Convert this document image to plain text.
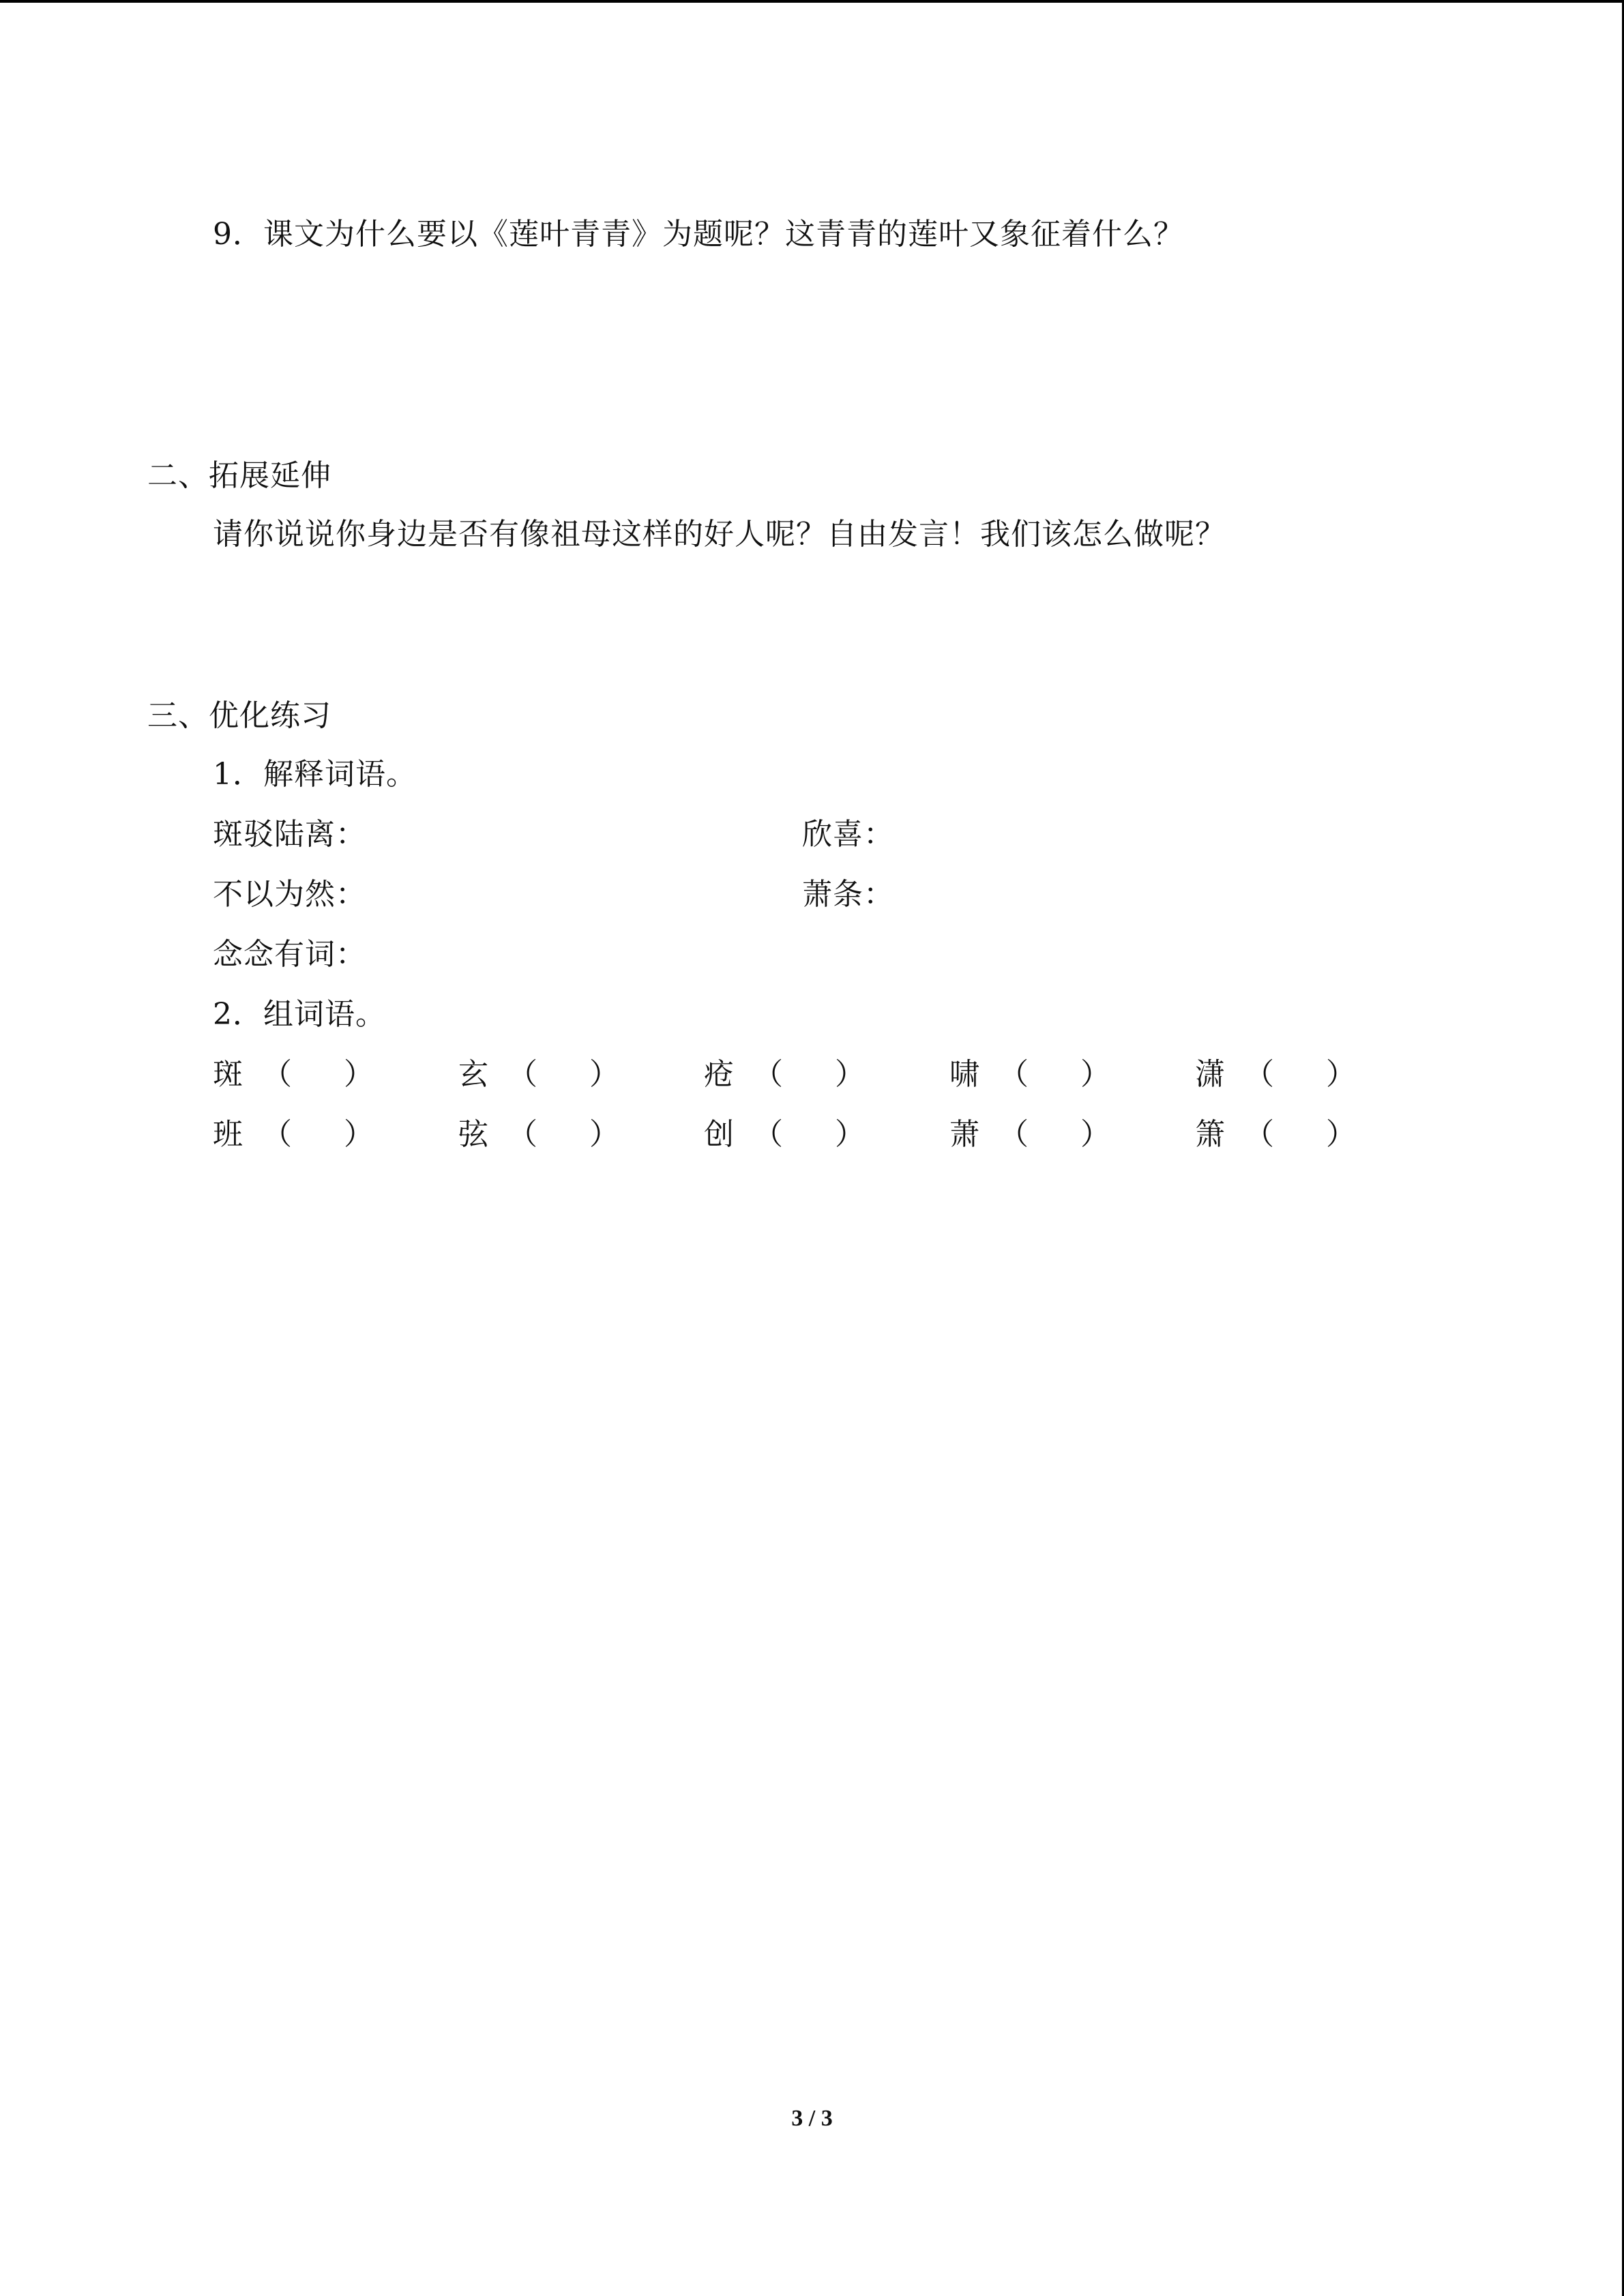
9．课文为什么要以《莲叶青青》为题呢？这青青的莲叶又象征着什么？
二、拓展延伸
请你说说你身边是否有像祖母这样的好人呢？自由发言！我们该怎么做呢？
三、优化练习
1．解释词语。
斑驳陆离：	欣喜：
不以为然：	萧条：
念念有词：
2．组词语。
斑 （ ）	玄 （ ）	疮 （ ）	啸 （ ）	潇 （ ）
班 （ ）	弦 （ ）	创 （ ）	萧 （ ）	箫 （ ）
3 / 3
